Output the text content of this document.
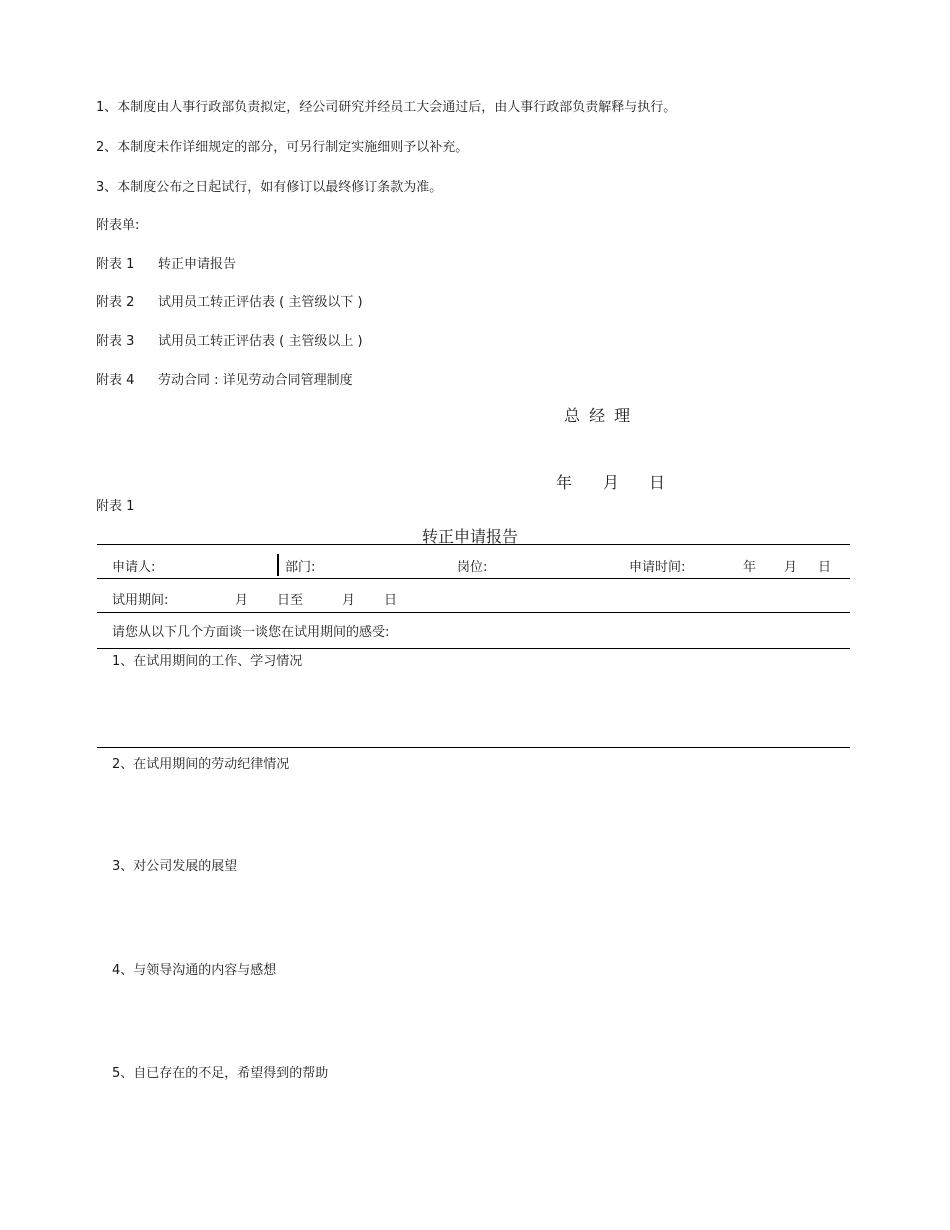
1、本制度由人事行政部负责拟定，经公司研究并经员工大会通过后，由人事行政部负责解释与执行。
2、本制度未作详细规定的部分，可另行制定实施细则予以补充。
3、本制度公布之日起试行，如有修订以最终修订条款为准。
附表单:
附表 1 转正申请报告
附表 2 试用员工转正评估表 ( 主管级以下 )
附表 3 试用员工转正评估表 ( 主管级以上 )
附表 4 劳动合同 : 详见劳动合同管理制度
总 经 理
年 月 日
附表 1
转正申请报告
申请人:	部门:	岗位:	申请时间:	年 月 日
试用期间:	月 日至	月 日
请您从以下几个方面谈一谈您在试用期间的感受:
1、在试用期间的工作、学习情况
2、在试用期间的劳动纪律情况
3、对公司发展的展望
4、与领导沟通的内容与感想
5、自已存在的不足，希望得到的帮助
